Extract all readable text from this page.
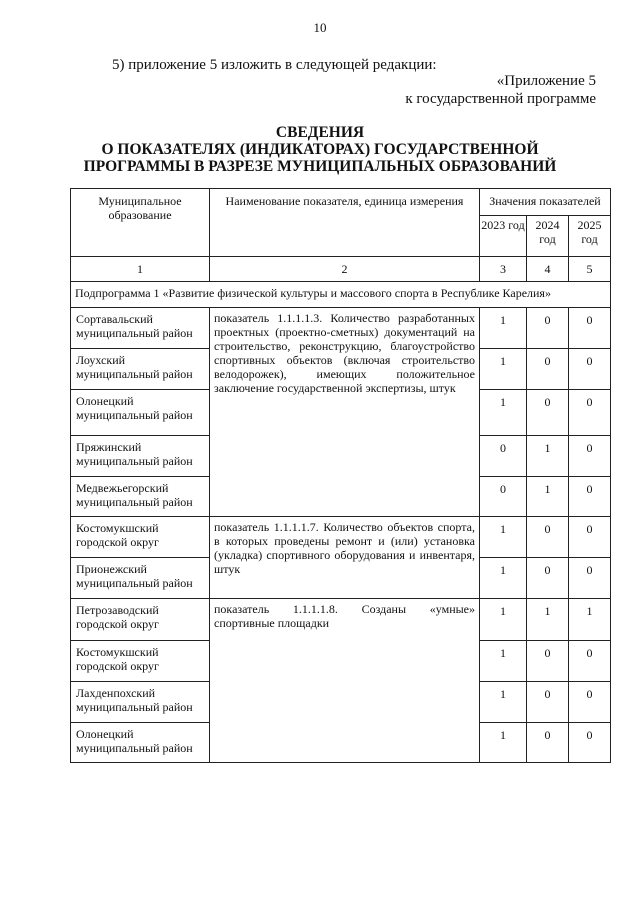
10
5) приложение 5 изложить в следующей редакции:
«Приложение 5
к государственной программе
СВЕДЕНИЯ
О ПОКАЗАТЕЛЯХ (ИНДИКАТОРАХ) ГОСУДАРСТВЕННОЙ
ПРОГРАММЫ В РАЗРЕЗЕ МУНИЦИПАЛЬНЫХ ОБРАЗОВАНИЙ
Муниципальное образование	Наименование показателя, единица измерения	Значения показателей		
		2023 год	2024 год	2025 год
1	2	3	4	5
Подпрограмма 1 «Развитие физической культуры и массового спорта в Республике Карелия»				
Сортавальский муниципальный район	показатель 1.1.1.1.3. Количество разработанных проектных (проектно-сметных) документаций на строительство, реконструкцию, благоустройство спортивных объектов (включая строительство велодорожек), имеющих положительное заключение государственной экспертизы, штук	1	0	0
Лоухский муниципальный район		1	0	0
Олонецкий муниципальный район		1	0	0
Пряжинский муниципальный район		0	1	0
Медвежьегорский муниципальный район		0	1	0
Костомукшский городской округ	показатель 1.1.1.1.7. Количество объектов спорта, в которых проведены ремонт и (или) установка (укладка) спортивного оборудования и инвентаря, штук	1	0	0
Прионежский муниципальный район		1	0	0
Петрозаводский городской округ	показатель 1.1.1.1.8. Созданы «умные» спортивные площадки	1	1	1
Костомукшский городской округ		1	0	0
Лахденпохский муниципальный район		1	0	0
Олонецкий муниципальный район		1	0	0
